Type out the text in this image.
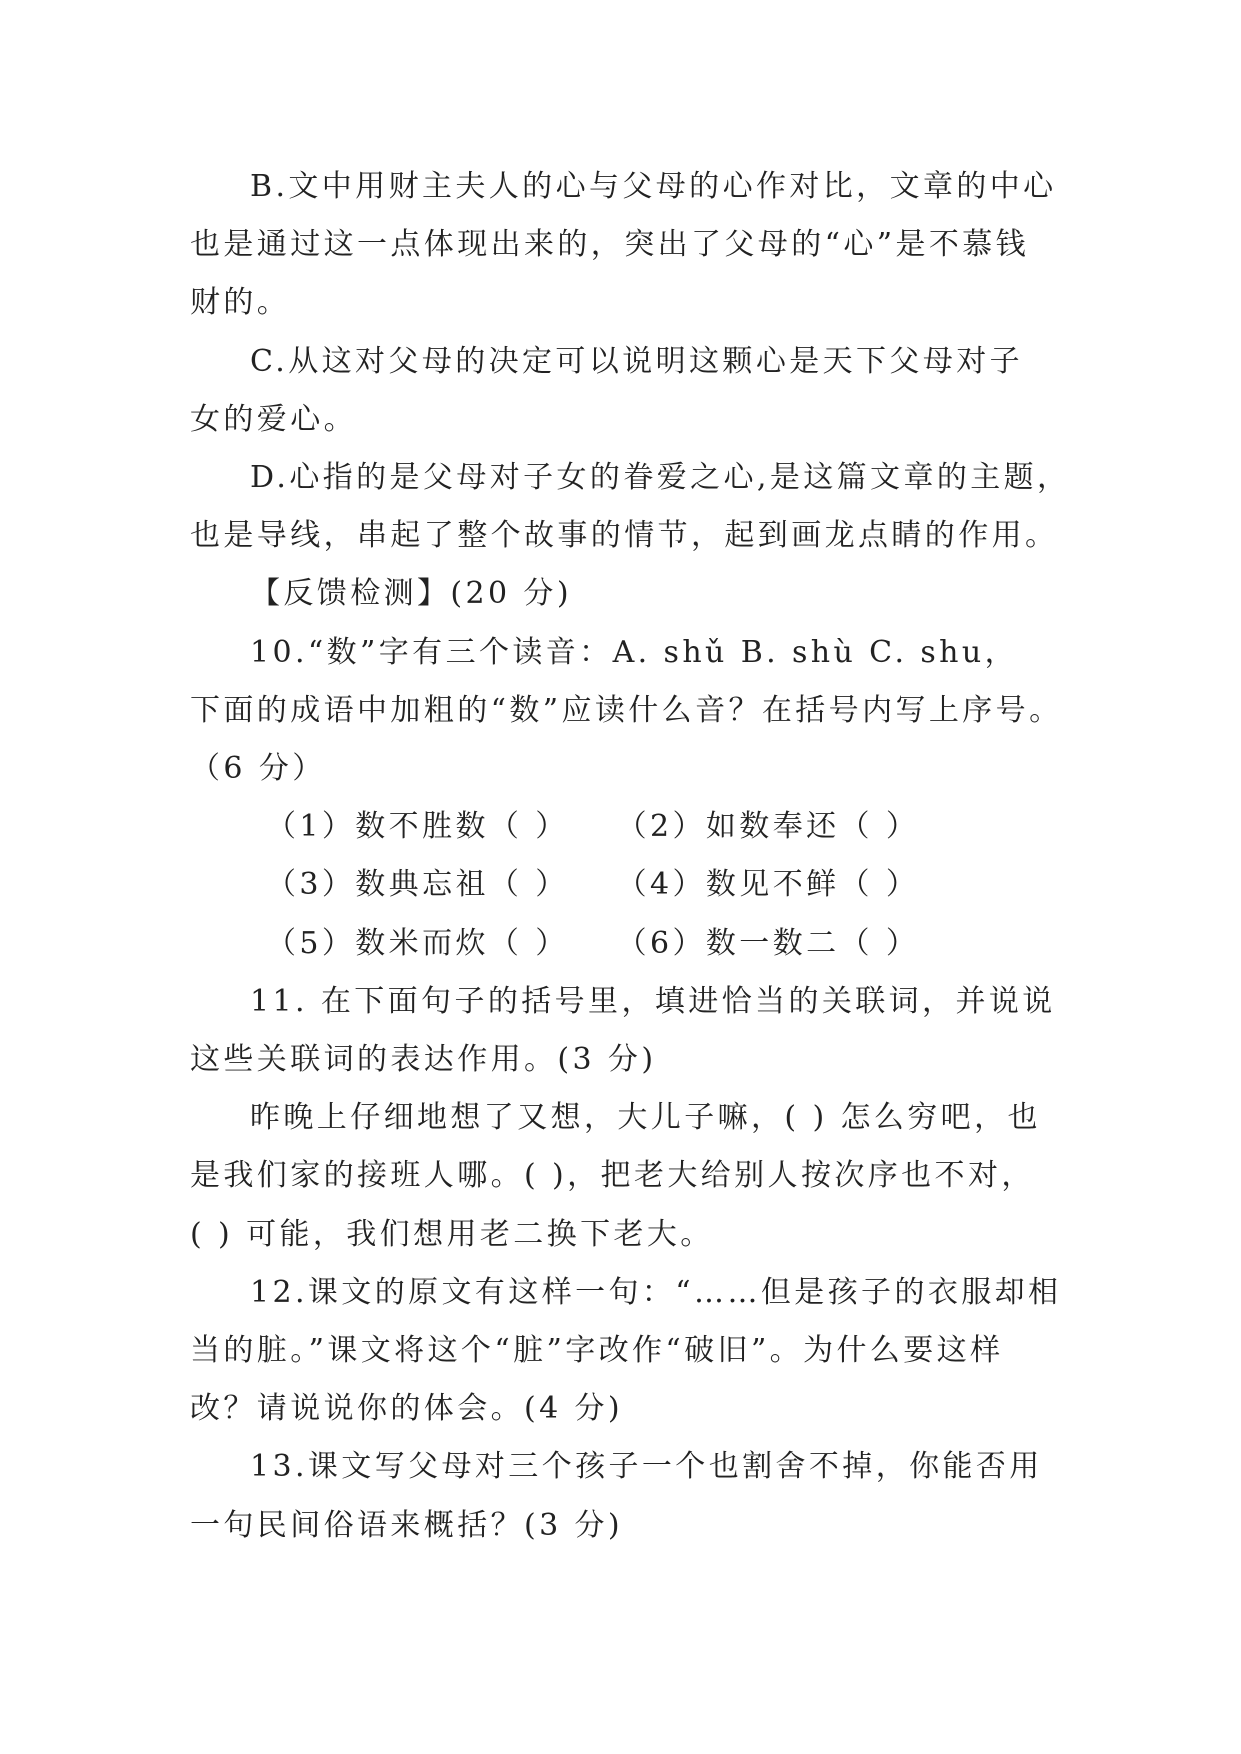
B.文中用财主夫人的心与父母的心作对比，文章的中心

也是通过这一点体现出来的，突出了父母的“心”是不慕钱

财的。

C.从这对父母的决定可以说明这颗心是天下父母对子

女的爱心。

D.心指的是父母对子女的眷爱之心,是这篇文章的主题，

也是导线，串起了整个故事的情节，起到画龙点睛的作用。

【反馈检测】(20 分)

10.“数”字有三个读音：A. shǔ B. shù C. shu，

下面的成语中加粗的“数”应读什么音？在括号内写上序号。

（6 分）

（1）数不胜数（ ） （2）如数奉还（ ）

（3）数典忘祖（ ） （4）数见不鲜（ ）

（5）数米而炊（ ） （6）数一数二（ ）

11. 在下面句子的括号里，填进恰当的关联词，并说说

这些关联词的表达作用。(3 分)

昨晚上仔细地想了又想，大儿子嘛，( ) 怎么穷吧，也

是我们家的接班人哪。( )，把老大给别人按次序也不对，

( ) 可能，我们想用老二换下老大。

12.课文的原文有这样一句：“……但是孩子的衣服却相

当的脏。”课文将这个“脏”字改作“破旧”。为什么要这样

改？请说说你的体会。(4 分)

13.课文写父母对三个孩子一个也割舍不掉，你能否用

一句民间俗语来概括？(3 分)
